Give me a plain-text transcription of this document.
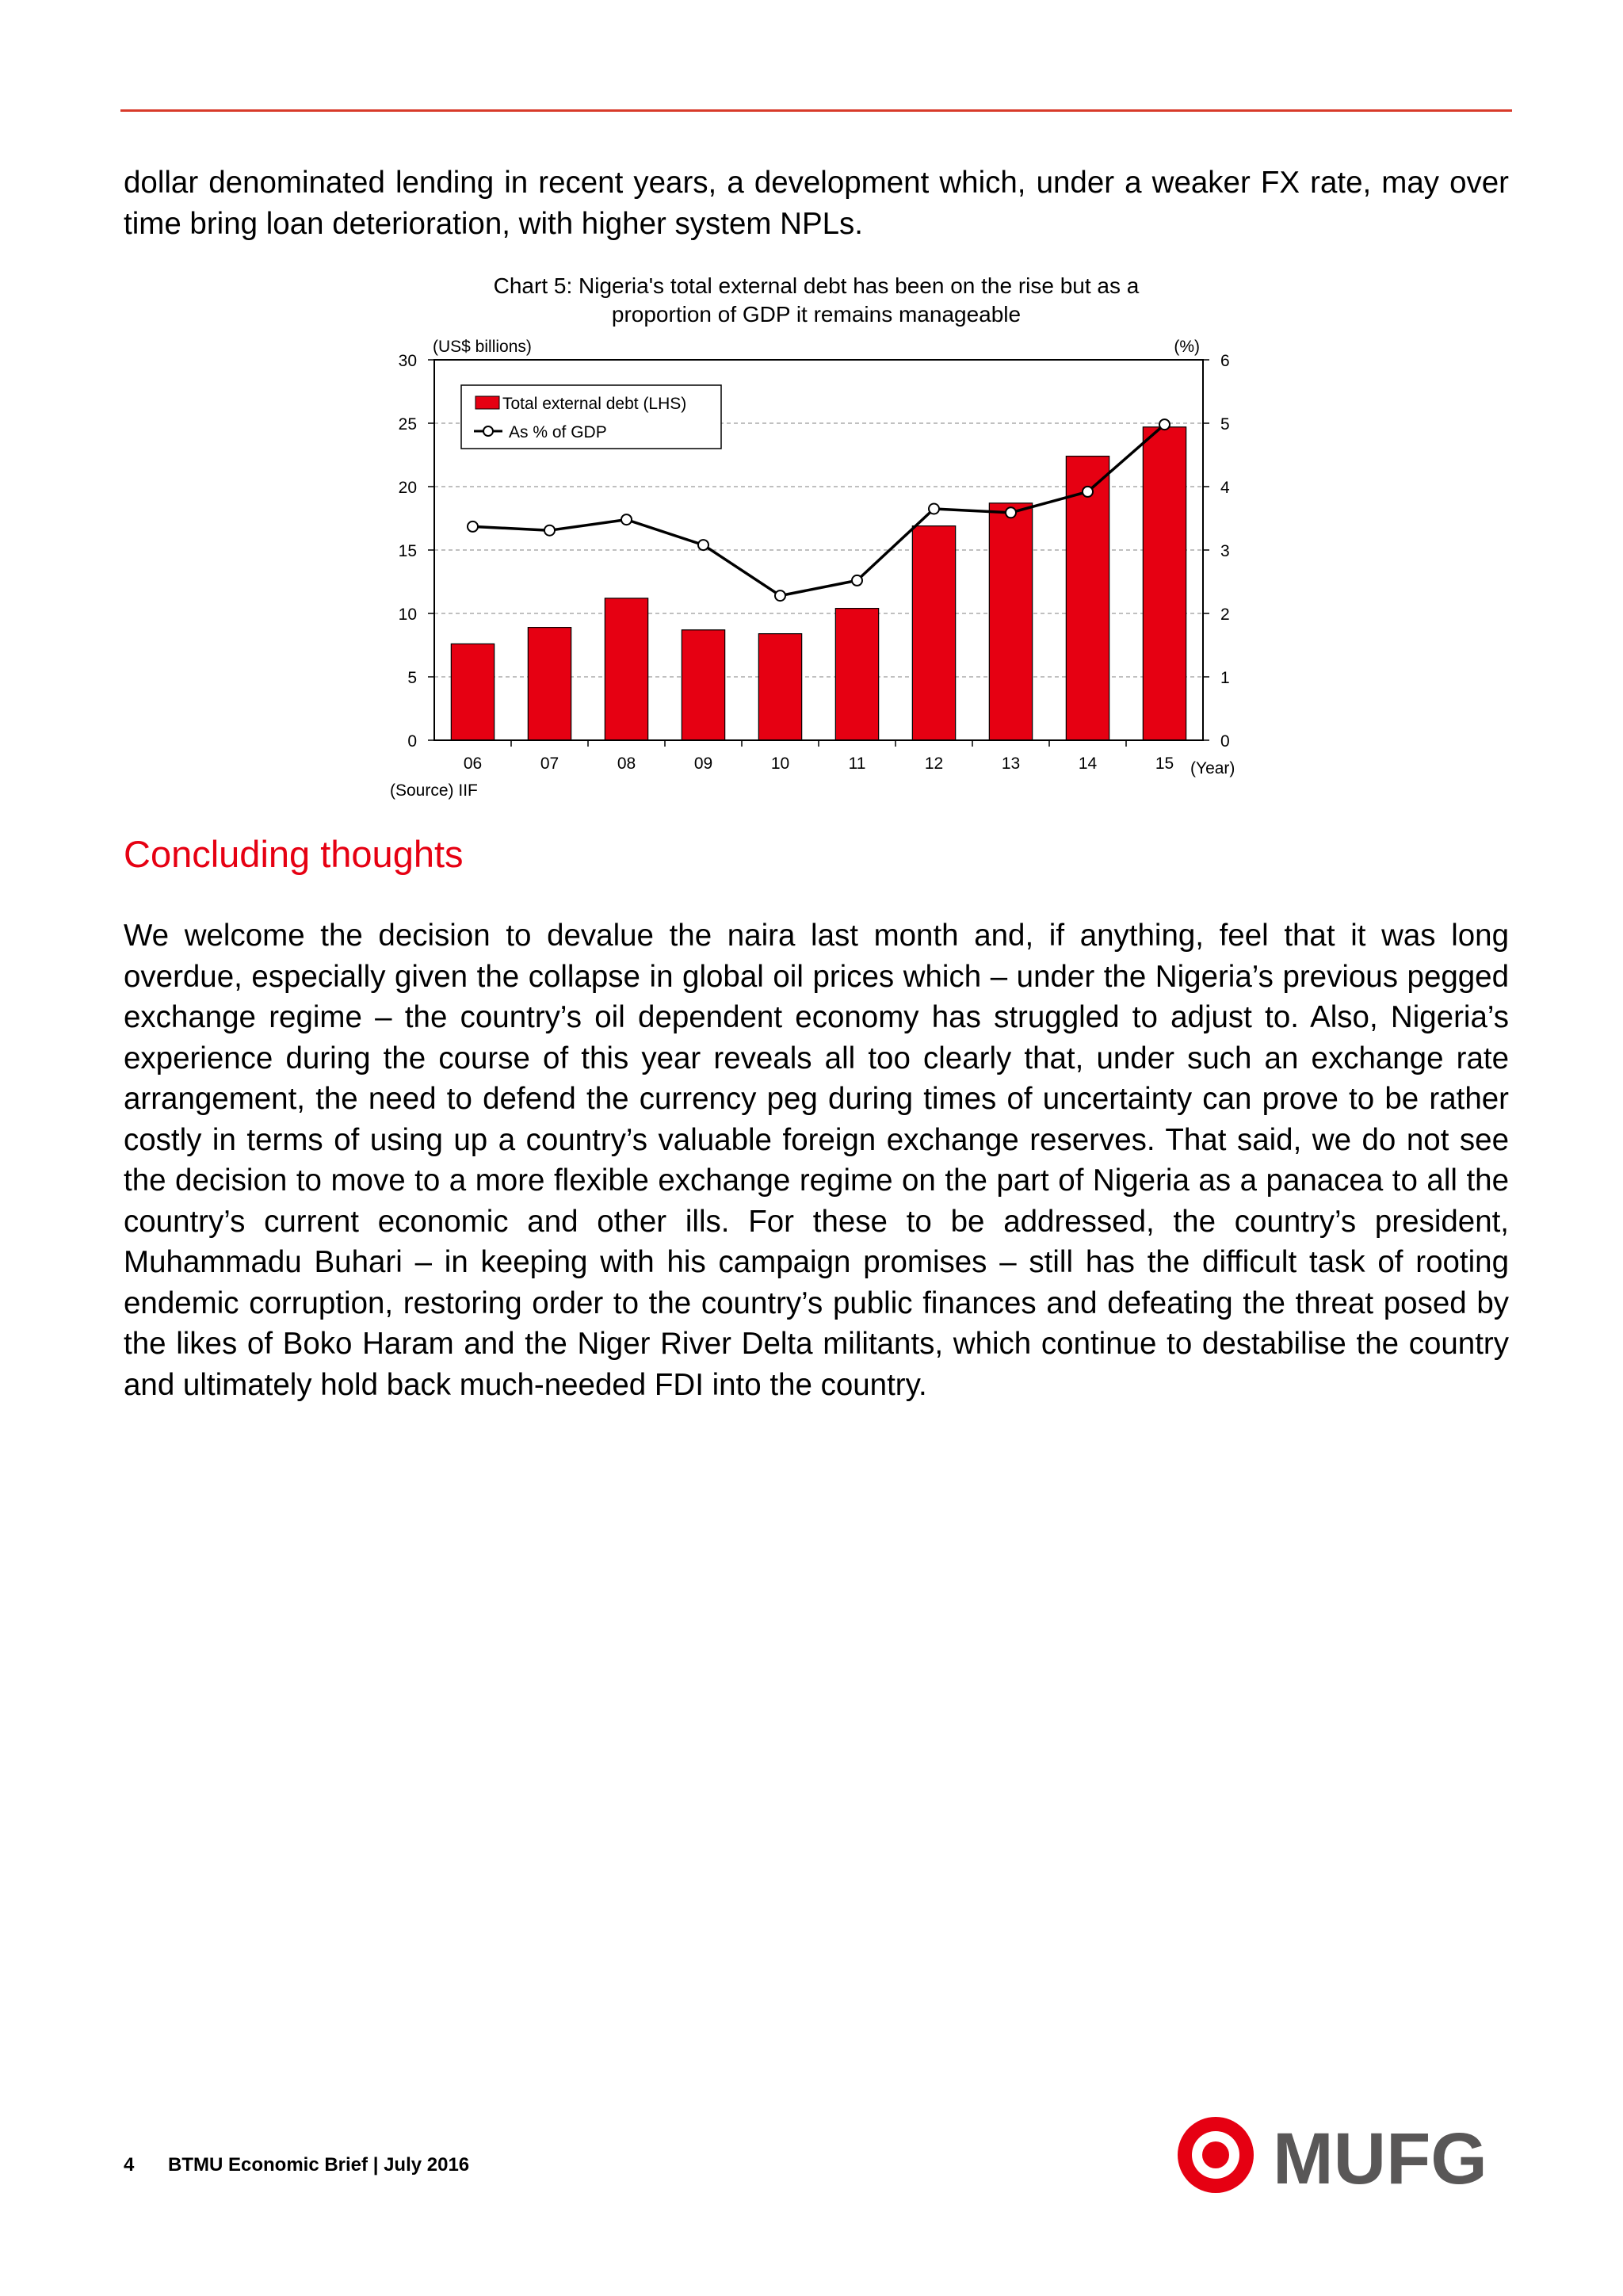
dollar denominated lending in recent years, a development which, under a weaker FX rate, may over time bring loan deterioration, with higher system NPLs.

Chart 5: Nigeria's total external debt has been on the rise but as a
proportion of GDP it remains manageable
(US$ billions)	(%)
0	0
5	1
10	2
15	3
20	4
25	5
30	6
06	07	08	09	10	11	12	13	14	15
Total external debt (LHS)
As % of GDP
(Year)
(Source) IIF
Concluding thoughts

We welcome the decision to devalue the naira last month and, if anything, feel that it was long overdue, especially given the collapse in global oil prices which – under the Nigeria’s previous pegged exchange regime – the country’s oil dependent economy has struggled to adjust to. Also, Nigeria’s experience during the course of this year reveals all too clearly that, under such an exchange rate arrangement, the need to defend the currency peg during times of uncertainty can prove to be rather costly in terms of using up a country’s valuable foreign exchange reserves. That said, we do not see the decision to move to a more flexible exchange regime on the part of Nigeria as a panacea to all the country’s current economic and other ills. For these to be addressed, the country’s president, Muhammadu Buhari – in keeping with his campaign promises – still has the difficult task of rooting endemic corruption, restoring order to the country’s public finances and defeating the threat posed by the likes of Boko Haram and the Niger River Delta militants, which continue to destabilise the country and ultimately hold back much-needed FDI into the country.

4 BTMU Economic Brief | July 2016	MUFG
